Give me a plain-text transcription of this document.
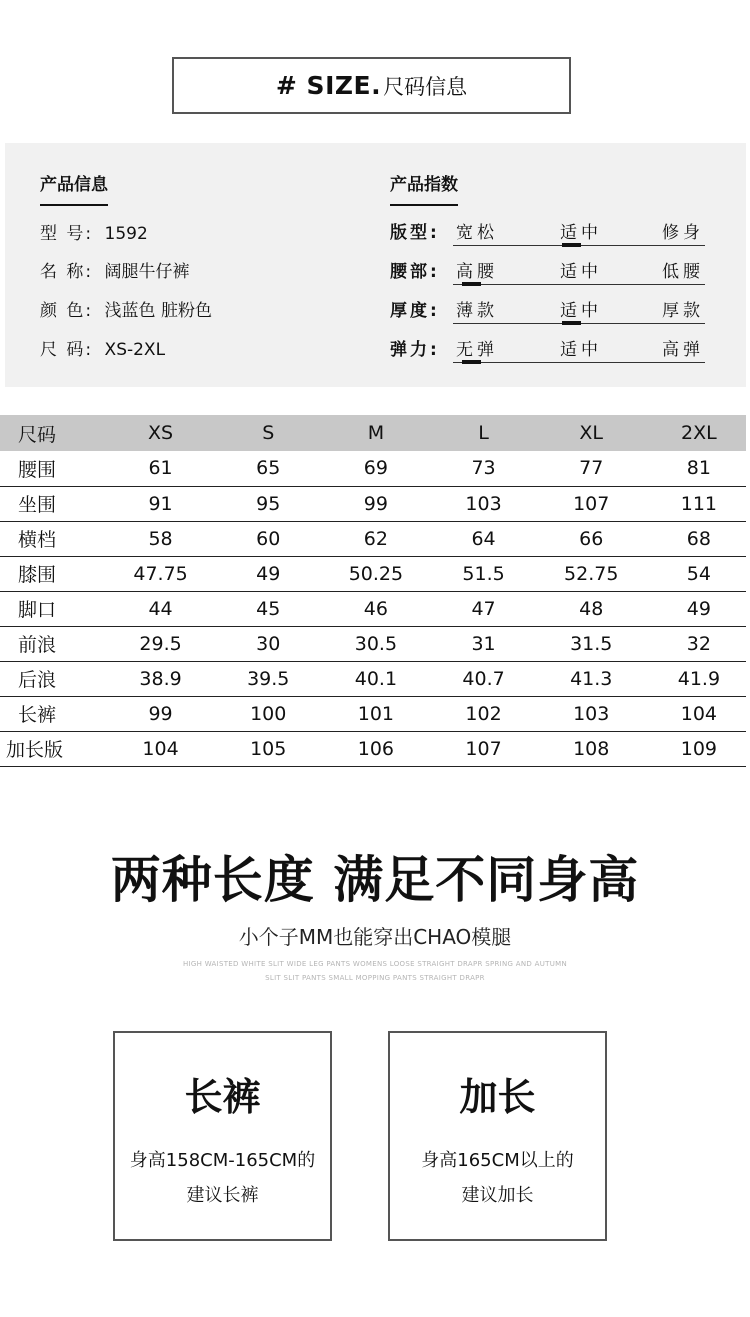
# SIZE. 尺码信息
产品信息
型 号: 1592
名 称: 阔腿牛仔裤
颜 色: 浅蓝色 脏粉色
尺 码: XS-2XL
产品指数
版型: 宽松	适中	修身
腰部: 高腰	适中	低腰
厚度: 薄款	适中	厚款
弹力: 无弹	适中	高弹
尺码	XS	S	M	L	XL	2XL
腰围	61	65	69	73	77	81
坐围	91	95	99	103	107	111
横档	58	60	62	64	66	68
膝围	47.75	49	50.25	51.5	52.75	54
脚口	44	45	46	47	48	49
前浪	29.5	30	30.5	31	31.5	32
后浪	38.9	39.5	40.1	40.7	41.3	41.9
长裤	99	100	101	102	103	104
加长版	104	105	106	107	108	109
两种长度 满足不同身高
小个子MM也能穿出CHAO模腿
HIGH WAISTED WHITE SLIT WIDE LEG PANTS WOMENS LOOSE STRAIGHT DRAPR SPRING AND AUTUMN
SLIT SLIT PANTS SMALL MOPPING PANTS STRAIGHT DRAPR
长裤
身高158CM-165CM的
建议长裤
加长
身高165CM以上的
建议加长
